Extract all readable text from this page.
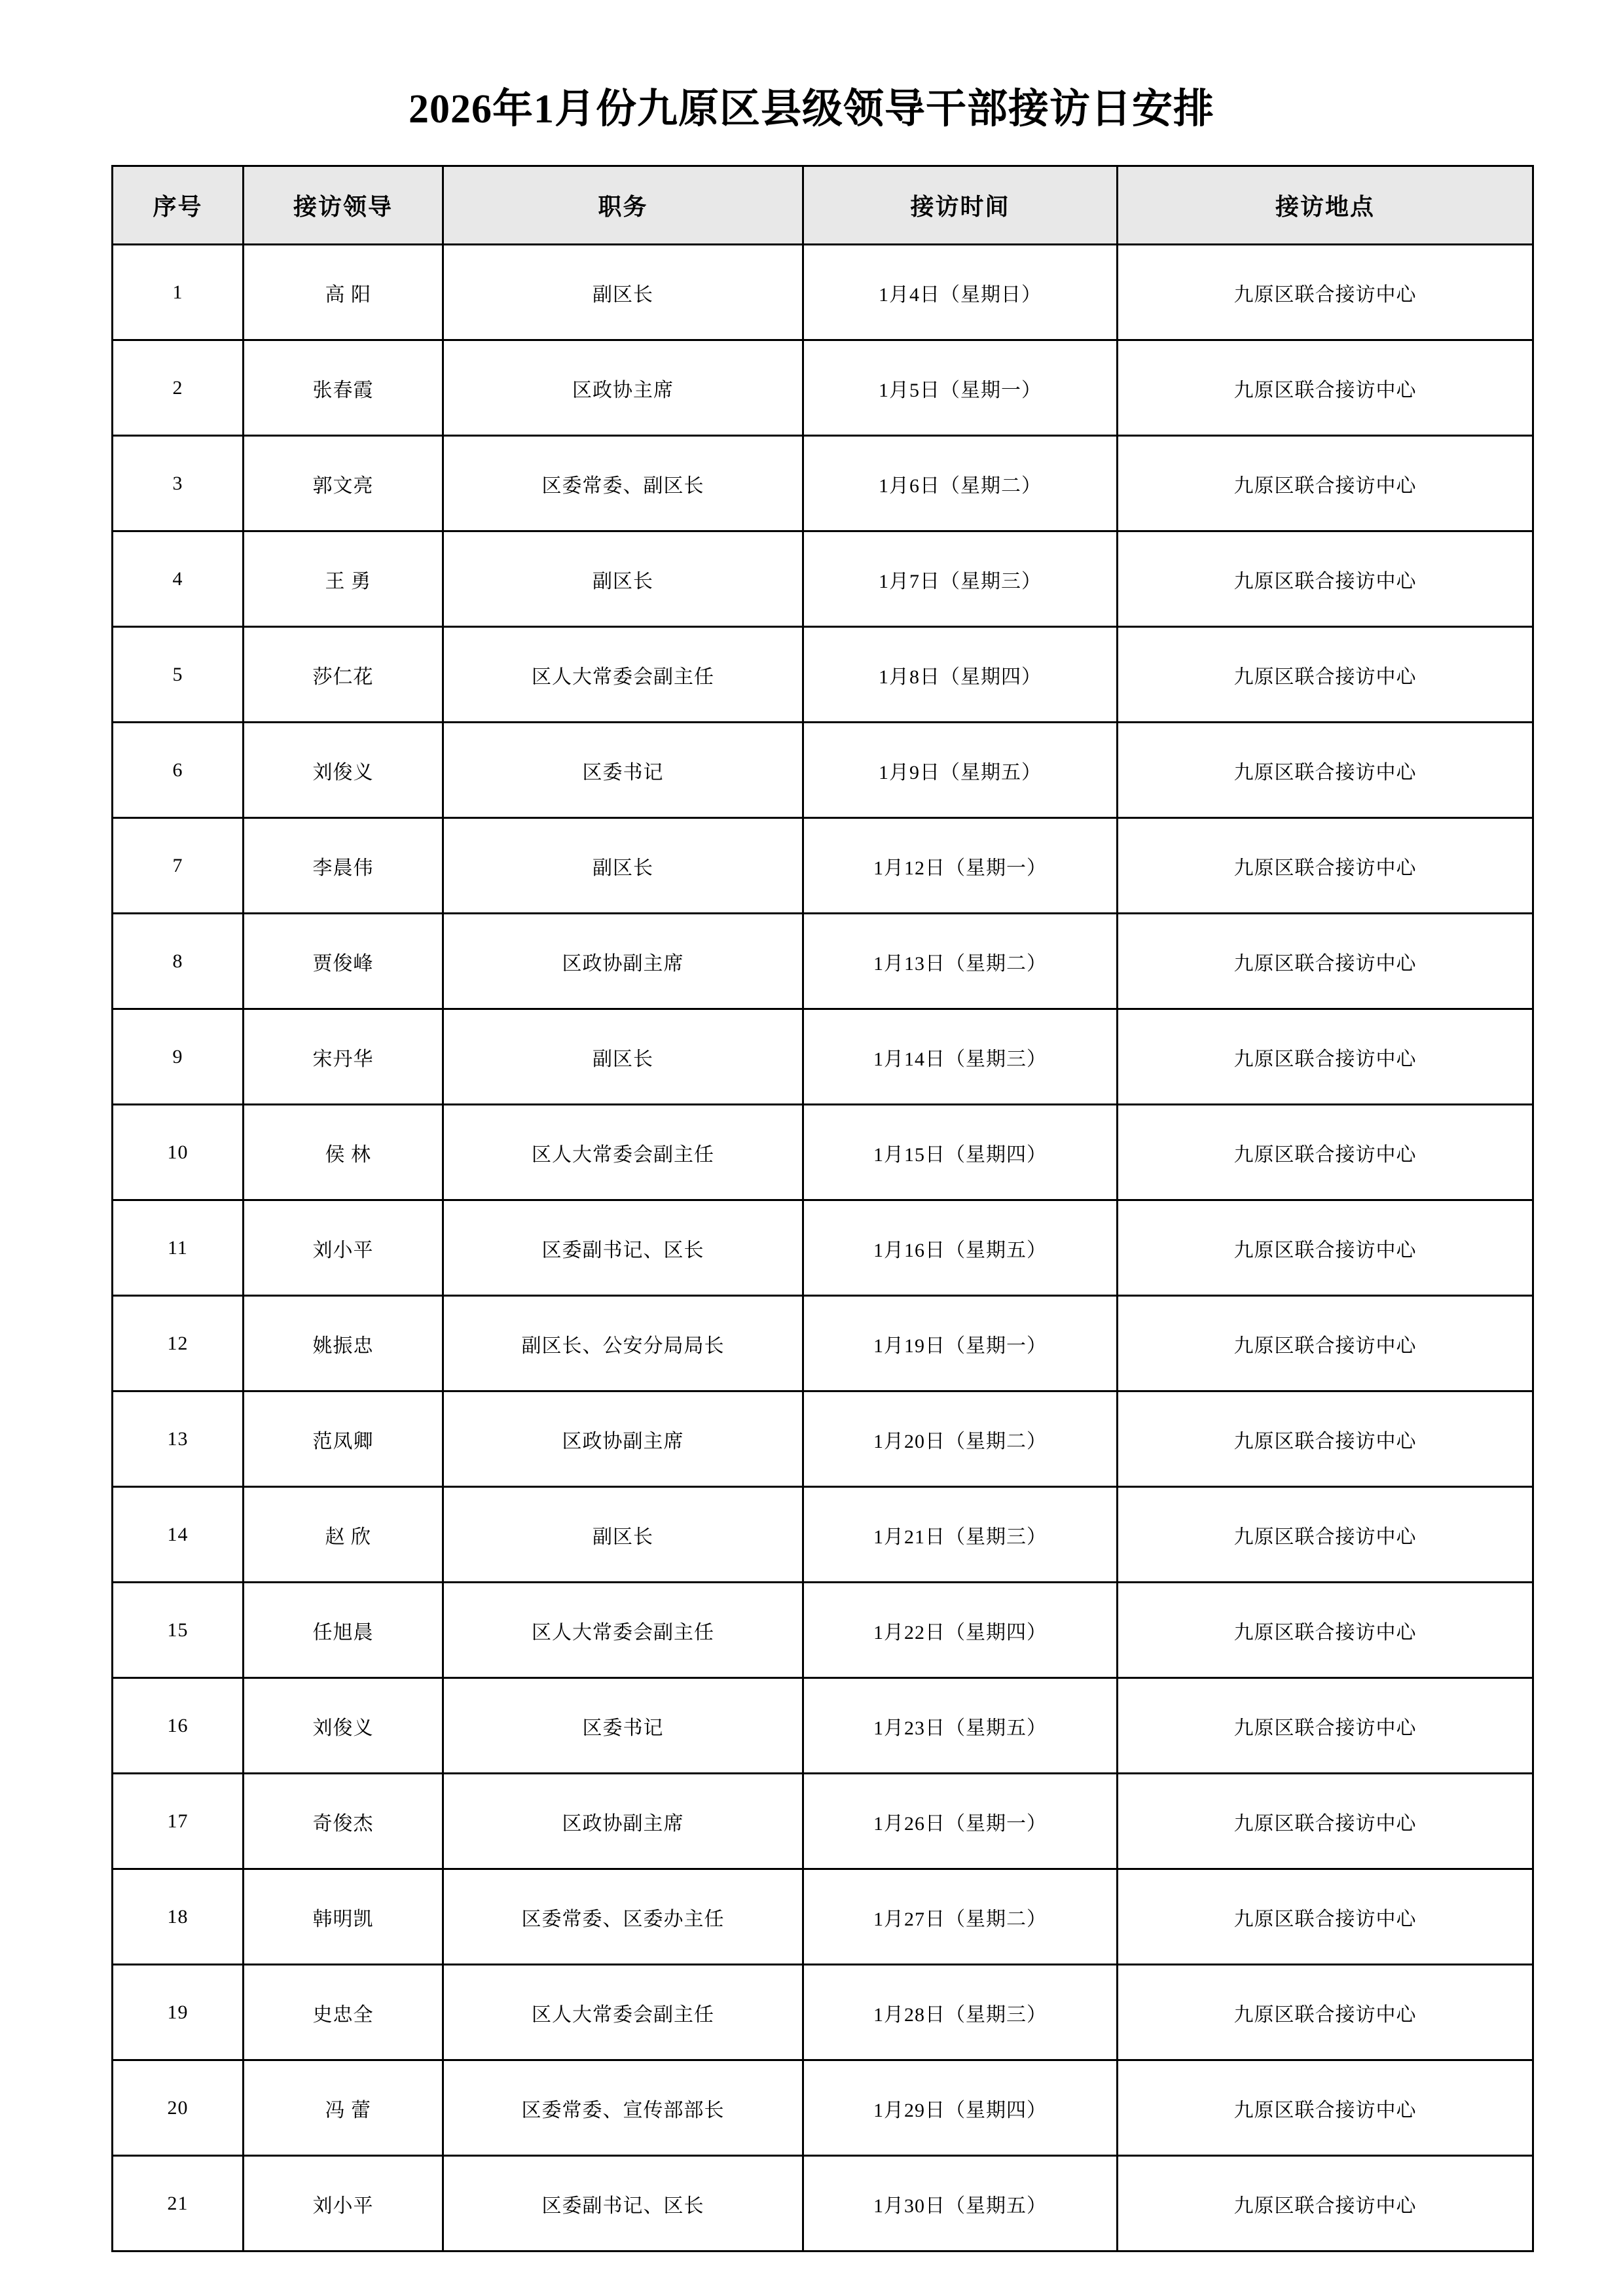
2026年1月份九原区县级领导干部接访日安排
序号	接访领导	职务	接访时间	接访地点
1	高 阳	副区长	1月4日（星期日）	九原区联合接访中心
2	张春霞	区政协主席	1月5日（星期一）	九原区联合接访中心
3	郭文亮	区委常委、副区长	1月6日（星期二）	九原区联合接访中心
4	王 勇	副区长	1月7日（星期三）	九原区联合接访中心
5	莎仁花	区人大常委会副主任	1月8日（星期四）	九原区联合接访中心
6	刘俊义	区委书记	1月9日（星期五）	九原区联合接访中心
7	李晨伟	副区长	1月12日（星期一）	九原区联合接访中心
8	贾俊峰	区政协副主席	1月13日（星期二）	九原区联合接访中心
9	宋丹华	副区长	1月14日（星期三）	九原区联合接访中心
10	侯 林	区人大常委会副主任	1月15日（星期四）	九原区联合接访中心
11	刘小平	区委副书记、区长	1月16日（星期五）	九原区联合接访中心
12	姚振忠	副区长、公安分局局长	1月19日（星期一）	九原区联合接访中心
13	范凤卿	区政协副主席	1月20日（星期二）	九原区联合接访中心
14	赵 欣	副区长	1月21日（星期三）	九原区联合接访中心
15	任旭晨	区人大常委会副主任	1月22日（星期四）	九原区联合接访中心
16	刘俊义	区委书记	1月23日（星期五）	九原区联合接访中心
17	奇俊杰	区政协副主席	1月26日（星期一）	九原区联合接访中心
18	韩明凯	区委常委、区委办主任	1月27日（星期二）	九原区联合接访中心
19	史忠全	区人大常委会副主任	1月28日（星期三）	九原区联合接访中心
20	冯 蕾	区委常委、宣传部部长	1月29日（星期四）	九原区联合接访中心
21	刘小平	区委副书记、区长	1月30日（星期五）	九原区联合接访中心
